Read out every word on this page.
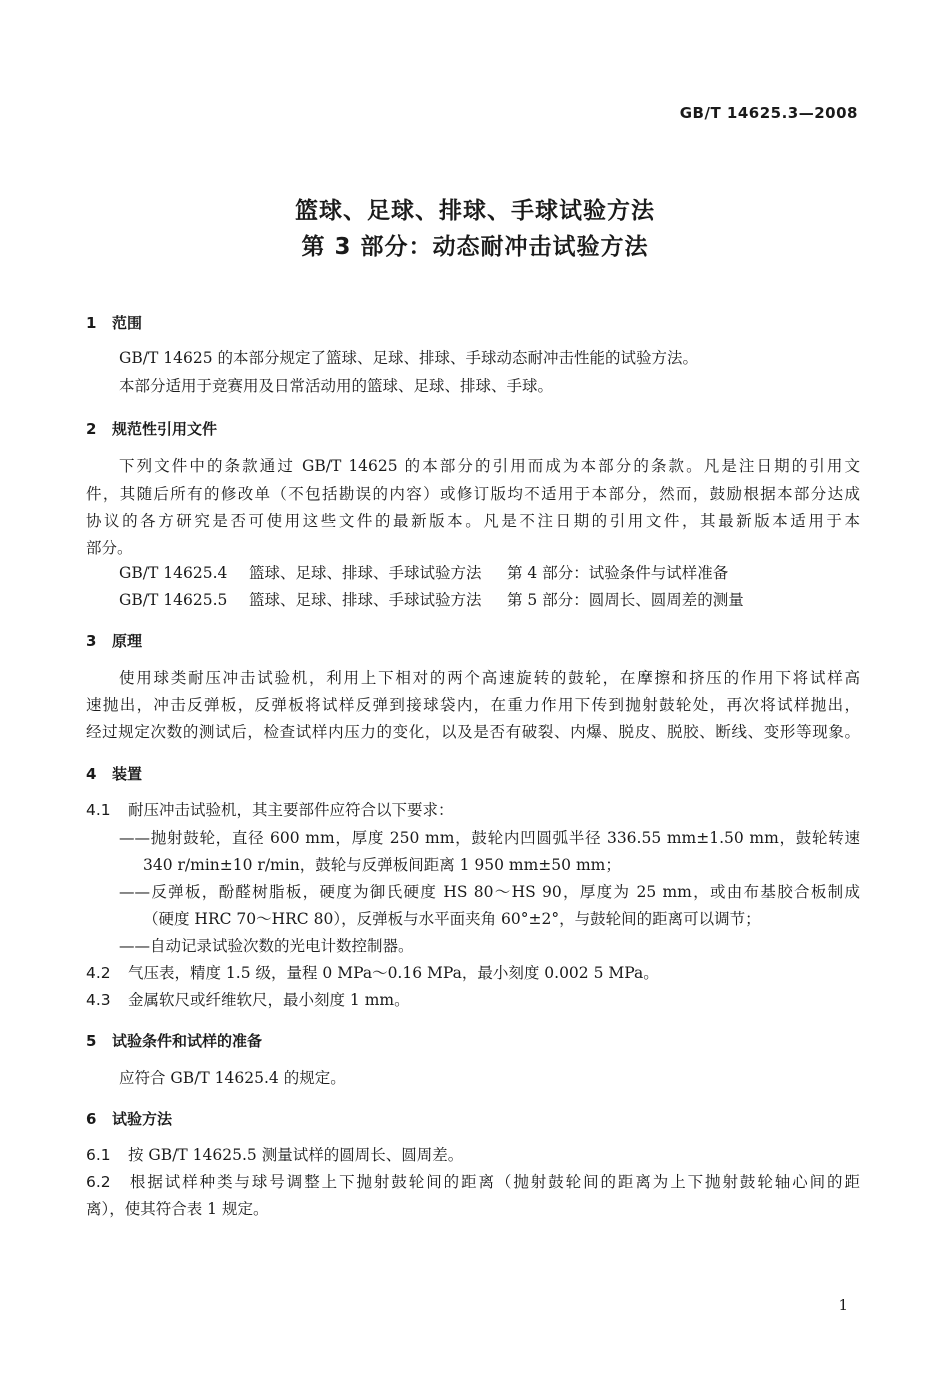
GB/T 14625.3—2008
篮球、足球、排球、手球试验方法
第 3 部分：动态耐冲击试验方法
1 范围
GB/T 14625 的本部分规定了篮球、足球、排球、手球动态耐冲击性能的试验方法。
本部分适用于竞赛用及日常活动用的篮球、足球、排球、手球。
2 规范性引用文件
下列文件中的条款通过 GB/T 14625 的本部分的引用而成为本部分的条款。凡是注日期的引用文
件，其随后所有的修改单（不包括勘误的内容）或修订版均不适用于本部分，然而，鼓励根据本部分达成
协议的各方研究是否可使用这些文件的最新版本。凡是不注日期的引用文件，其最新版本适用于本
部分。
GB/T 14625.4 篮球、足球、排球、手球试验方法 第 4 部分：试验条件与试样准备
GB/T 14625.5 篮球、足球、排球、手球试验方法 第 5 部分：圆周长、圆周差的测量
3 原理
使用球类耐压冲击试验机，利用上下相对的两个高速旋转的鼓轮，在摩擦和挤压的作用下将试样高
速抛出，冲击反弹板，反弹板将试样反弹到接球袋内，在重力作用下传到抛射鼓轮处，再次将试样抛出，
经过规定次数的测试后，检查试样内压力的变化，以及是否有破裂、内爆、脱皮、脱胶、断线、变形等现象。
4 装置
4.1 耐压冲击试验机，其主要部件应符合以下要求：
——抛射鼓轮，直径 600 mm，厚度 250 mm，鼓轮内凹圆弧半径 336.55 mm±1.50 mm，鼓轮转速
340 r/min±10 r/min，鼓轮与反弹板间距离 1 950 mm±50 mm；
——反弹板，酚醛树脂板，硬度为御氏硬度 HS 80～HS 90，厚度为 25 mm，或由布基胶合板制成
（硬度 HRC 70～HRC 80），反弹板与水平面夹角 60°±2°，与鼓轮间的距离可以调节；
——自动记录试验次数的光电计数控制器。
4.2 气压表，精度 1.5 级，量程 0 MPa～0.16 MPa，最小刻度 0.002 5 MPa。
4.3 金属软尺或纤维软尺，最小刻度 1 mm。
5 试验条件和试样的准备
应符合 GB/T 14625.4 的规定。
6 试验方法
6.1 按 GB/T 14625.5 测量试样的圆周长、圆周差。
6.2 根据试样种类与球号调整上下抛射鼓轮间的距离（抛射鼓轮间的距离为上下抛射鼓轮轴心间的距
离），使其符合表 1 规定。
1
